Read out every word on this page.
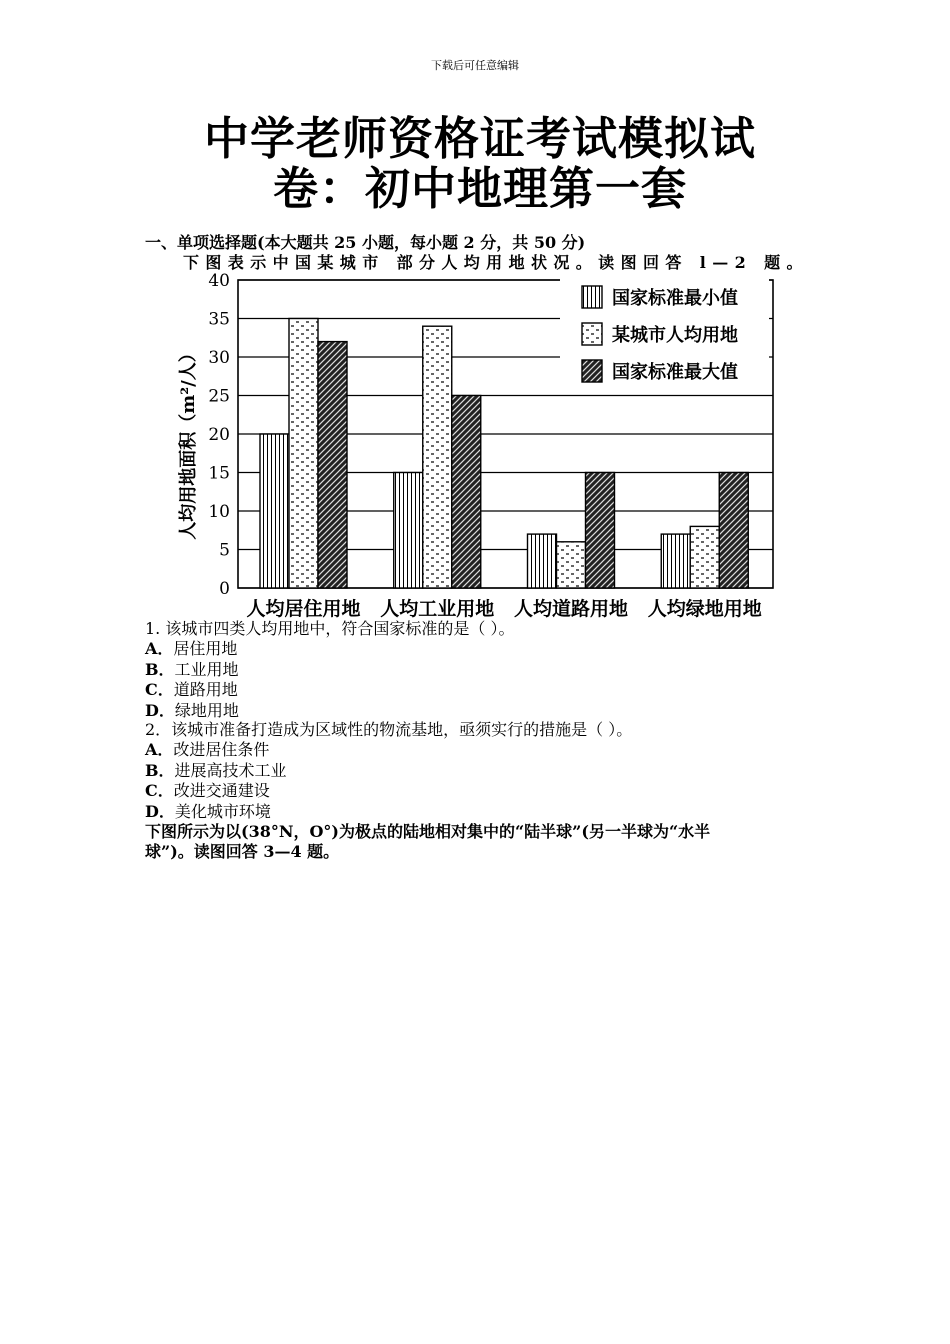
下载后可任意编辑
中学老师资格证考试模拟试
卷：初中地理第一套
一、单项选择题(本大题共 25 小题，每小题 2 分，共 50 分)
下图表示中国某城市 部分人均用地状况。读图回答 l—2 题。
0
5
10
15
20
25
30
35
40
人均居住用地 人均工业用地 人均道路用地 人均绿地用地
人均用地面积（m²/人）
国家标准最小值
某城市人均用地
国家标准最大值
1. 该城市四类人均用地中，符合国家标准的是（ ）。
A．居住用地
B．工业用地
C．道路用地
D．绿地用地
2．该城市准备打造成为区域性的物流基地，亟须实行的措施是（ ）。
A．改进居住条件
B．进展高技术工业
C．改进交通建设
D．美化城市环境
下图所示为以(38°N，O°)为极点的陆地相对集中的“陆半球”(另一半球为“水半
球”)。读图回答 3—4 题。
